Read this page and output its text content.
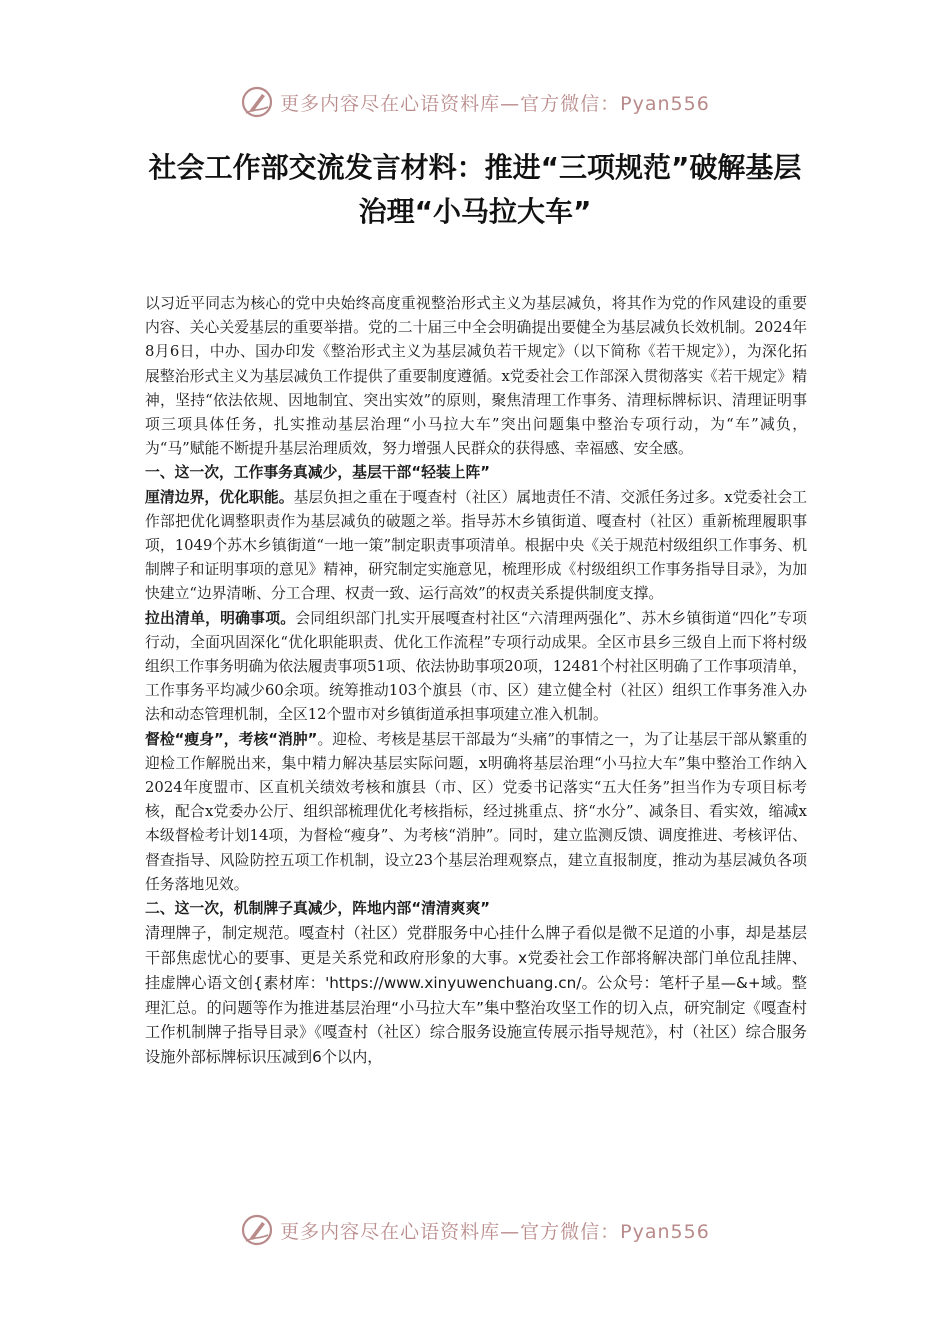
更多内容尽在心语资料库—官方微信：Pyan556
社会工作部交流发言材料：推进“三项规范”破解基层治理“小马拉大车”

以习近平同志为核心的党中央始终高度重视整治形式主义为基层减负，将其作为党的作风建设的重要内容、关心关爱基层的重要举措。党的二十届三中全会明确提出要健全为基层减负长效机制。2024年8月6日，中办、国办印发《整治形式主义为基层减负若干规定》（以下简称《若干规定》），为深化拓展整治形式主义为基层减负工作提供了重要制度遵循。x党委社会工作部深入贯彻落实《若干规定》精神，坚持“依法依规、因地制宜、突出实效”的原则，聚焦清理工作事务、清理标牌标识、清理证明事项三项具体任务，扎实推动基层治理“小马拉大车”突出问题集中整治专项行动，为“车”减负，为“马”赋能不断提升基层治理质效，努力增强人民群众的获得感、幸福感、安全感。

一、这一次，工作事务真减少，基层干部“轻装上阵”

厘清边界，优化职能。基层负担之重在于嘎查村（社区）属地责任不清、交派任务过多。x党委社会工作部把优化调整职责作为基层减负的破题之举。指导苏木乡镇街道、嘎查村（社区）重新梳理履职事项，1049个苏木乡镇街道“一地一策”制定职责事项清单。根据中央《关于规范村级组织工作事务、机制牌子和证明事项的意见》精神，研究制定实施意见，梳理形成《村级组织工作事务指导目录》，为加快建立“边界清晰、分工合理、权责一致、运行高效”的权责关系提供制度支撑。

拉出清单，明确事项。会同组织部门扎实开展嘎查村社区“六清理两强化”、苏木乡镇街道“四化”专项行动，全面巩固深化“优化职能职责、优化工作流程”专项行动成果。全区市县乡三级自上而下将村级组织工作事务明确为依法履责事项51项、依法协助事项20项，12481个村社区明确了工作事项清单，工作事务平均减少60余项。统筹推动103个旗县（市、区）建立健全村（社区）组织工作事务准入办法和动态管理机制，全区12个盟市对乡镇街道承担事项建立准入机制。

督检“瘦身”，考核“消肿”。迎检、考核是基层干部最为“头痛”的事情之一，为了让基层干部从繁重的迎检工作解脱出来，集中精力解决基层实际问题，x明确将基层治理“小马拉大车”集中整治工作纳入2024年度盟市、区直机关绩效考核和旗县（市、区）党委书记落实“五大任务”担当作为专项目标考核，配合x党委办公厅、组织部梳理优化考核指标，经过挑重点、挤“水分”、减条目、看实效，缩减x本级督检考计划14项，为督检“瘦身”、为考核“消肿”。同时，建立监测反馈、调度推进、考核评估、督查指导、风险防控五项工作机制，设立23个基层治理观察点，建立直报制度，推动为基层减负各项任务落地见效。

二、这一次，机制牌子真减少，阵地内部“清清爽爽”

清理牌子，制定规范。嘎查村（社区）党群服务中心挂什么牌子看似是微不足道的小事，却是基层干部焦虑忧心的要事、更是关系党和政府形象的大事。x党委社会工作部将解决部门单位乱挂牌、挂虚牌心语文创{素材库：'https://www.xinyuwenchuang.cn/。公众号：笔杆子星—&+域。整理汇总。的问题等作为推进基层治理“小马拉大车”集中整治攻坚工作的切入点，研究制定《嘎查村工作机制牌子指导目录》《嘎查村（社区）综合服务设施宣传展示指导规范》，村（社区）综合服务设施外部标牌标识压减到6个以内，

更多内容尽在心语资料库—官方微信：Pyan556
